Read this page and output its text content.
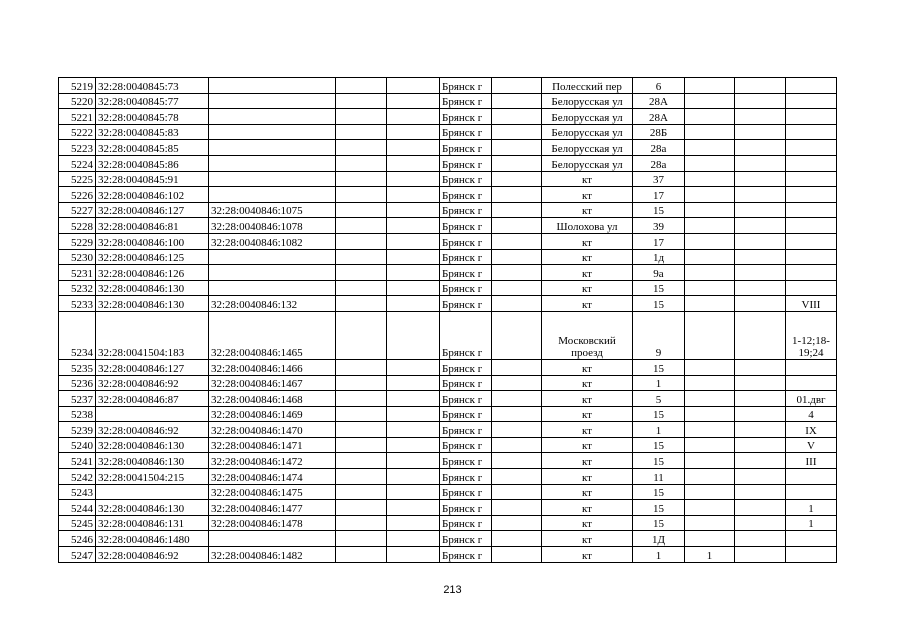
5219	32:28:0040845:73				Брянск г		Полесский пер	6			
5220	32:28:0040845:77				Брянск г		Белорусская ул	28А			
5221	32:28:0040845:78				Брянск г		Белорусская ул	28А			
5222	32:28:0040845:83				Брянск г		Белорусская ул	28Б			
5223	32:28:0040845:85				Брянск г		Белорусская ул	28а			
5224	32:28:0040845:86				Брянск г		Белорусская ул	28а			
5225	32:28:0040845:91				Брянск г		кт	37			
5226	32:28:0040846:102				Брянск г		кт	17			
5227	32:28:0040846:127	32:28:0040846:1075			Брянск г		кт	15			
5228	32:28:0040846:81	32:28:0040846:1078			Брянск г		Шолохова ул	39			
5229	32:28:0040846:100	32:28:0040846:1082			Брянск г		кт	17			
5230	32:28:0040846:125				Брянск г		кт	1д			
5231	32:28:0040846:126				Брянск г		кт	9а			
5232	32:28:0040846:130				Брянск г		кт	15			
5233	32:28:0040846:130	32:28:0040846:132			Брянск г		кт	15			VIII
5234	32:28:0041504:183	32:28:0040846:1465			Брянск г		Московский проезд	9			1-12;18-19;24
5235	32:28:0040846:127	32:28:0040846:1466			Брянск г		кт	15			
5236	32:28:0040846:92	32:28:0040846:1467			Брянск г		кт	1			
5237	32:28:0040846:87	32:28:0040846:1468			Брянск г		кт	5			01.двг
5238		32:28:0040846:1469			Брянск г		кт	15			4
5239	32:28:0040846:92	32:28:0040846:1470			Брянск г		кт	1			IX
5240	32:28:0040846:130	32:28:0040846:1471			Брянск г		кт	15			V
5241	32:28:0040846:130	32:28:0040846:1472			Брянск г		кт	15			III
5242	32:28:0041504:215	32:28:0040846:1474			Брянск г		кт	11			
5243		32:28:0040846:1475			Брянск г		кт	15			
5244	32:28:0040846:130	32:28:0040846:1477			Брянск г		кт	15			1
5245	32:28:0040846:131	32:28:0040846:1478			Брянск г		кт	15			1
5246	32:28:0040846:1480				Брянск г		кт	1Д			
5247	32:28:0040846:92	32:28:0040846:1482			Брянск г		кт	1	1		
213
